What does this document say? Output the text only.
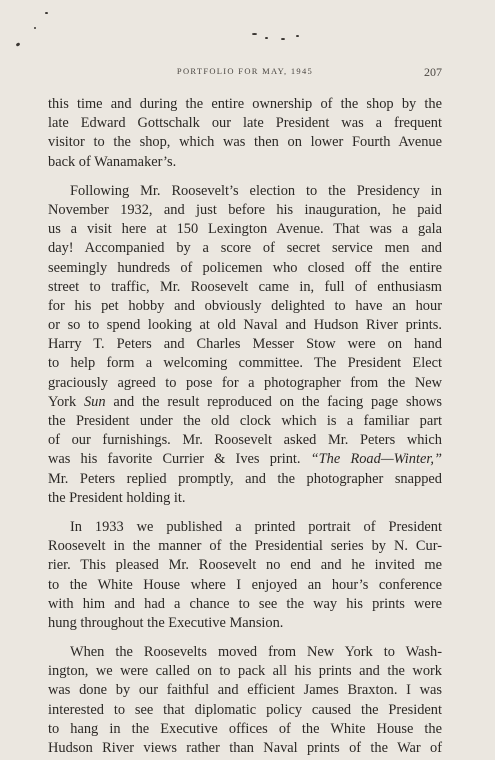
PORTFOLIO FOR MAY, 1945	207
this time and during the entire ownership of the shop by the
late Edward Gottschalk our late President was a frequent
visitor to the shop, which was then on lower Fourth Avenue
back of Wanamaker’s.
Following Mr. Roosevelt’s election to the Presidency in
November 1932, and just before his inauguration, he paid
us a visit here at 150 Lexington Avenue. That was a gala
day! Accompanied by a score of secret service men and
seemingly hundreds of policemen who closed off the entire
street to traffic, Mr. Roosevelt came in, full of enthusiasm
for his pet hobby and obviously delighted to have an hour
or so to spend looking at old Naval and Hudson River prints.
Harry T. Peters and Charles Messer Stow were on hand
to help form a welcoming committee. The President Elect
graciously agreed to pose for a photographer from the New
York Sun and the result reproduced on the facing page shows
the President under the old clock which is a familiar part
of our furnishings. Mr. Roosevelt asked Mr. Peters which
was his favorite Currier & Ives print. “The Road—Winter,”
Mr. Peters replied promptly, and the photographer snapped
the President holding it.
In 1933 we published a printed portrait of President
Roosevelt in the manner of the Presidential series by N. Cur-
rier. This pleased Mr. Roosevelt no end and he invited me
to the White House where I enjoyed an hour’s conference
with him and had a chance to see the way his prints were
hung throughout the Executive Mansion.
When the Roosevelts moved from New York to Wash-
ington, we were called on to pack all his prints and the work
was done by our faithful and efficient James Braxton. I was
interested to see that diplomatic policy caused the President
to hang in the Executive offices of the White House the
Hudson River views rather than Naval prints of the War of
